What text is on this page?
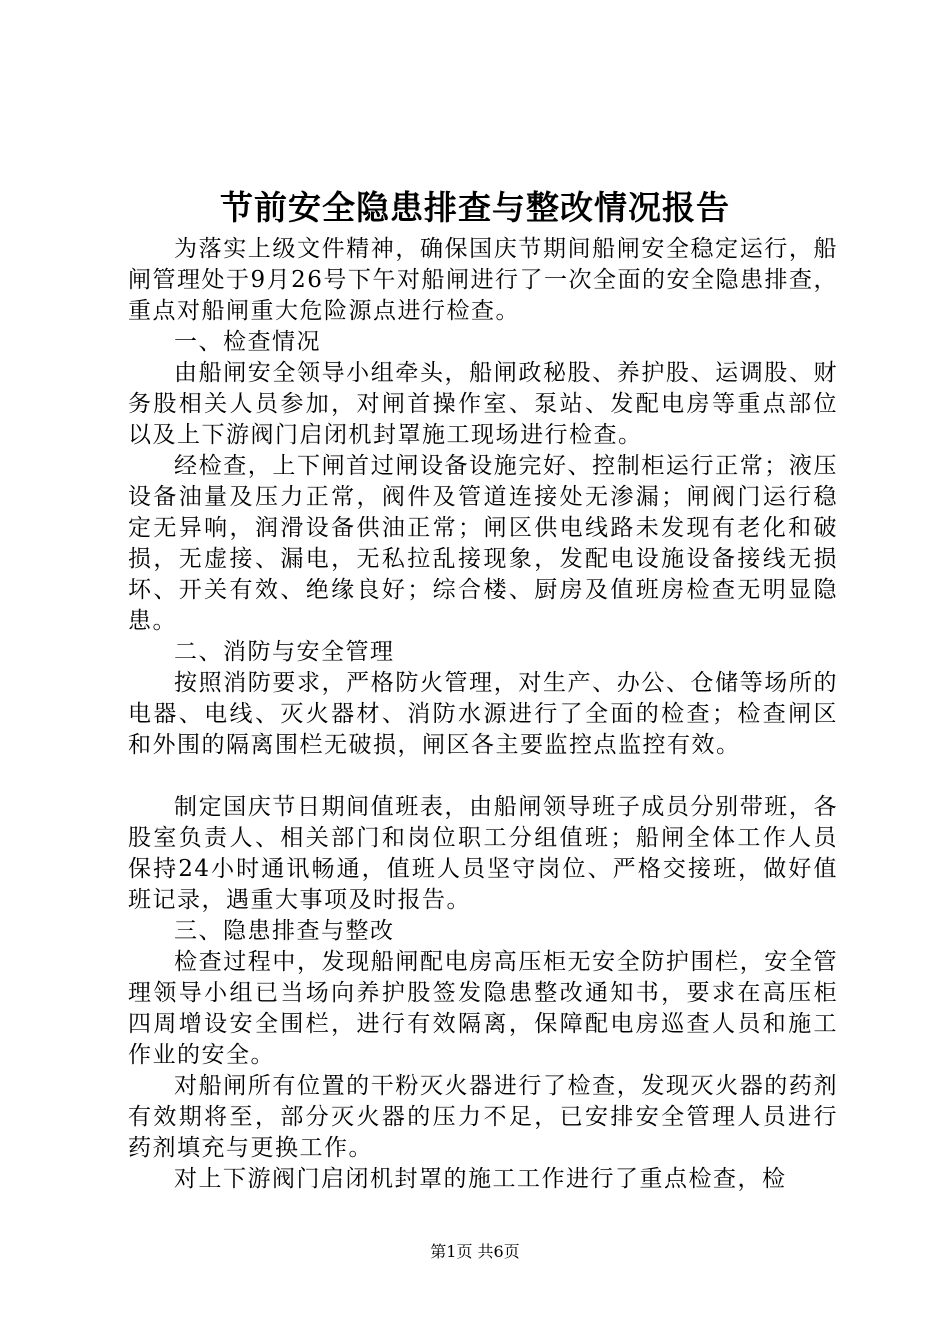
节前安全隐患排查与整改情况报告

为落实上级文件精神，确保国庆节期间船闸安全稳定运行，船闸管理处于9月26号下午对船闸进行了一次全面的安全隐患排查，重点对船闸重大危险源点进行检查。

一、检查情况

由船闸安全领导小组牵头，船闸政秘股、养护股、运调股、财务股相关人员参加，对闸首操作室、泵站、发配电房等重点部位以及上下游阀门启闭机封罩施工现场进行检查。

经检查，上下闸首过闸设备设施完好、控制柜运行正常；液压设备油量及压力正常，阀件及管道连接处无渗漏；闸阀门运行稳定无异响，润滑设备供油正常；闸区供电线路未发现有老化和破损，无虚接、漏电，无私拉乱接现象，发配电设施设备接线无损坏、开关有效、绝缘良好；综合楼、厨房及值班房检查无明显隐患。

二、消防与安全管理

按照消防要求，严格防火管理，对生产、办公、仓储等场所的电器、电线、灭火器材、消防水源进行了全面的检查；检查闸区和外围的隔离围栏无破损，闸区各主要监控点监控有效。

制定国庆节日期间值班表，由船闸领导班子成员分别带班，各股室负责人、相关部门和岗位职工分组值班；船闸全体工作人员保持24小时通讯畅通，值班人员坚守岗位、严格交接班，做好值班记录，遇重大事项及时报告。

三、隐患排查与整改

检查过程中，发现船闸配电房高压柜无安全防护围栏，安全管理领导小组已当场向养护股签发隐患整改通知书，要求在高压柜四周增设安全围栏，进行有效隔离，保障配电房巡查人员和施工作业的安全。

对船闸所有位置的干粉灭火器进行了检查，发现灭火器的药剂有效期将至，部分灭火器的压力不足，已安排安全管理人员进行药剂填充与更换工作。

对上下游阀门启闭机封罩的施工工作进行了重点检查，检

第1页 共6页
